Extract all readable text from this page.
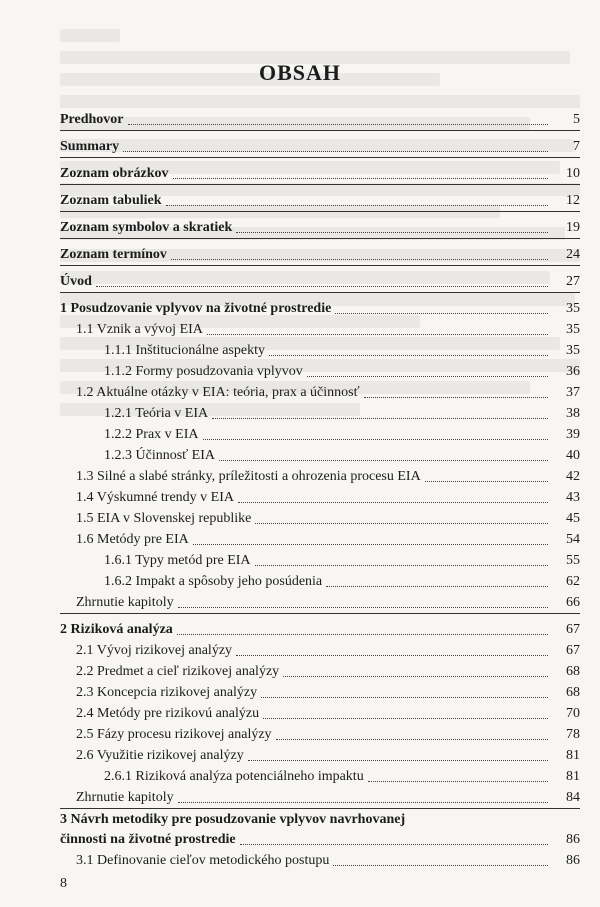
OBSAH
Predhovor	5
Summary	7
Zoznam obrázkov	10
Zoznam tabuliek	12
Zoznam symbolov a skratiek	19
Zoznam termínov	24
Úvod	27
1 Posudzovanie vplyvov na životné prostredie	35
1.1 Vznik a vývoj EIA	35
1.1.1 Inštitucionálne aspekty	35
1.1.2 Formy posudzovania vplyvov	36
1.2 Aktuálne otázky v EIA: teória, prax a účinnosť	37
1.2.1 Teória v EIA	38
1.2.2 Prax v EIA	39
1.2.3 Účinnosť EIA	40
1.3 Silné a slabé stránky, príležitosti a ohrozenia procesu EIA	42
1.4 Výskumné trendy v EIA	43
1.5 EIA v Slovenskej republike	45
1.6 Metódy pre EIA	54
1.6.1 Typy metód pre EIA	55
1.6.2 Impakt a spôsoby jeho posúdenia	62
Zhrnutie kapitoly	66
2 Riziková analýza	67
2.1 Vývoj rizikovej analýzy	67
2.2 Predmet a cieľ rizikovej analýzy	68
2.3 Koncepcia rizikovej analýzy	68
2.4 Metódy pre rizikovú analýzu	70
2.5 Fázy procesu rizikovej analýzy	78
2.6 Využitie rizikovej analýzy	81
2.6.1 Riziková analýza potenciálneho impaktu	81
Zhrnutie kapitoly	84
3 Návrh metodiky pre posudzovanie vplyvov navrhovanej
činnosti na životné prostredie	86
3.1 Definovanie cieľov metodického postupu	86

8
